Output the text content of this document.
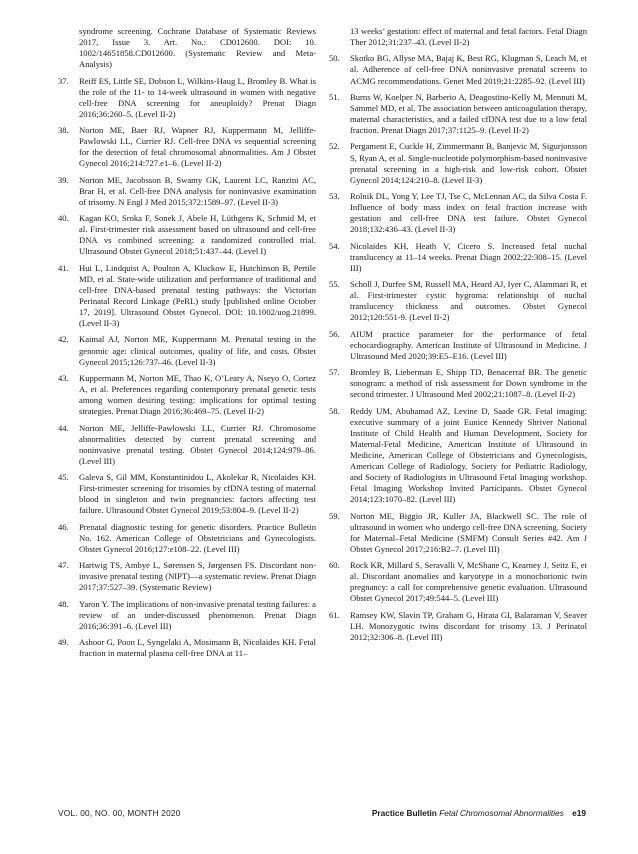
syndrome screening. Cochrane Database of Systematic Reviews 2017, Issue 3. Art. No.: CD012600. DOI: 10. 1002/14651858.CD012600. (Systematic Review and Meta-Analysis)
37. Reiff ES, Little SE, Dobson L, Wilkins-Haug L, Bromley B. What is the role of the 11- to 14-week ultrasound in women with negative cell-free DNA screening for aneuploidy? Prenat Diagn 2016;36:260–5. (Level II-2)
38. Norton ME, Baer RJ, Wapner RJ, Kuppermann M, Jelliffe-Pawlowski LL, Currier RJ. Cell-free DNA vs sequential screening for the detection of fetal chromosomal abnormalities. Am J Obstet Gynecol 2016;214:727.e1–6. (Level II-2)
39. Norton ME, Jacobsson B, Swamy GK, Laurent LC, Ranzini AC, Brar H, et al. Cell-free DNA analysis for noninvasive examination of trisomy. N Engl J Med 2015;372:1589–97. (Level II-3)
40. Kagan KO, Sroka F, Sonek J, Abele H, Lüthgens K, Schmid M, et al. First-trimester risk assessment based on ultrasound and cell-free DNA vs combined screening: a randomized controlled trial. Ultrasound Obstet Gynecol 2018;51:437–44. (Level I)
41. Hui L, Lindquist A, Poulton A, Kluckow E, Hutchinson B, Pertile MD, et al. State-wide utilization and performance of traditional and cell-free DNA-based prenatal testing pathways: the Victorian Perinatal Record Linkage (PeRL) study [published online October 17, 2019]. Ultrasound Obstet Gynecol. DOI: 10.1002/uog.21899. (Level II-3)
42. Kaimal AJ, Norton ME, Kuppermann M. Prenatal testing in the genomic age: clinical outcomes, quality of life, and costs. Obstet Gynecol 2015;126:737–46. (Level II-3)
43. Kuppermann M, Norton ME, Thao K, O’Leary A, Nseyo O, Cortez A, et al. Preferences regarding contemporary prenatal genetic tests among women desiring testing: implications for optimal testing strategies. Prenat Diagn 2016;36:469–75. (Level II-2)
44. Norton ME, Jelliffe-Pawlowski LL, Currier RJ. Chromosome abnormalities detected by current prenatal screening and noninvasive prenatal testing. Obstet Gynecol 2014;124:979–86. (Level III)
45. Galeva S, Gil MM, Konstantinidou L, Akolekar R, Nicolaides KH. First-trimester screening for trisomies by cfDNA testing of maternal blood in singleton and twin pregnancies: factors affecting test failure. Ultrasound Obstet Gynecol 2019;53:804–9. (Level II-2)
46. Prenatal diagnostic testing for genetic disorders. Practice Bulletin No. 162. American College of Obstetricians and Gynecologists. Obstet Gynecol 2016;127:e108–22. (Level III)
47. Hartwig TS, Ambye L, Sørensen S, Jørgensen FS. Discordant non-invasive prenatal testing (NIPT)—a systematic review. Prenat Diagn 2017;37:527–39. (Systematic Review)
48. Yaron Y. The implications of non-invasive prenatal testing failures: a review of an under-discussed phenomenon. Prenat Diagn 2016;36:391–6. (Level III)
49. Ashoor G, Poon L, Syngelaki A, Mosimann B, Nicolaides KH. Fetal fraction in maternal plasma cell-free DNA at 11–
13 weeks’ gestation: effect of maternal and fetal factors. Fetal Diagn Ther 2012;31:237–43. (Level II-2)
50. Skotko BG, Allyse MA, Bajaj K, Best RG, Klugman S, Leach M, et al. Adherence of cell-free DNA noninvasive prenatal screens to ACMG recommendations. Genet Med 2019;21:2285–92. (Level III)
51. Burns W, Koelper N, Barberio A, Deagostino-Kelly M, Mennuti M, Sammel MD, et al. The association between anticoagulation therapy, maternal characteristics, and a failed cfDNA test due to a low fetal fraction. Prenat Diagn 2017;37:1125–9. (Level II-2)
52. Pergament E, Cuckle H, Zimmermann B, Banjevic M, Sigurjonsson S, Ryan A, et al. Single-nucleotide polymorphism-based noninvasive prenatal screening in a high-risk and low-risk cohort. Obstet Gynecol 2014;124:210–8. (Level II-3)
53. Rolnik DL, Yong Y, Lee TJ, Tse C, McLennan AC, da Silva Costa F. Influence of body mass index on fetal fraction increase with gestation and cell-free DNA test failure. Obstet Gynecol 2018;132:436–43. (Level II-3)
54. Nicolaides KH, Heath V, Cicero S. Increased fetal nuchal translucency at 11–14 weeks. Prenat Diagn 2002;22:308–15. (Level III)
55. Scholl J, Durfee SM, Russell MA, Heard AJ, Iyer C, Alammari R, et al. First-trimester cystic hygroma: relationship of nuchal translucency thickness and outcomes. Obstet Gynecol 2012;120:551-9. (Level II-2)
56. AIUM practice parameter for the performance of fetal echocardiography. American Institute of Ultrasound in Medicine. J Ultrasound Med 2020;39:E5–E16. (Level III)
57. Bromley B, Lieberman E, Shipp TD, Benacerraf BR. The genetic sonogram: a method of risk assessment for Down syndrome in the second trimester. J Ultrasound Med 2002;21:1087–8. (Level II-2)
58. Reddy UM, Abuhamad AZ, Levine D, Saade GR. Fetal imaging: executive summary of a joint Eunice Kennedy Shriver National Institute of Child Health and Human Development, Society for Maternal-Fetal Medicine, American Institute of Ultrasound in Medicine, American College of Obstetricians and Gynecologists, American College of Radiology, Society for Pediatric Radiology, and Society of Radiologists in Ultrasound Fetal Imaging workshop. Fetal Imaging Workshop Invited Participants. Obstet Gynecol 2014;123:1070–82. (Level III)
59. Norton ME, Biggio JR, Kuller JA, Blackwell SC. The role of ultrasound in women who undergo cell-free DNA screening. Society for Maternal–Fetal Medicine (SMFM) Consult Series #42. Am J Obstet Gynecol 2017;216:B2–7. (Level III)
60. Rock KR, Millard S, Seravalli V, McShane C, Kearney J, Seitz E, et al. Discordant anomalies and karyotype in a monochorionic twin pregnancy: a call for comprehensive genetic evaluation. Ultrasound Obstet Gynecol 2017;49:544–5. (Level III)
61. Ramsey KW, Slavin TP, Graham G, Hirata GI, Balaraman V, Seaver LH. Monozygotic twins discordant for trisomy 13. J Perinatol 2012;32:306–8. (Level III)
VOL. 00, NO. 00, MONTH 2020	Practice Bulletin Fetal Chromosomal Abnormalities e19
